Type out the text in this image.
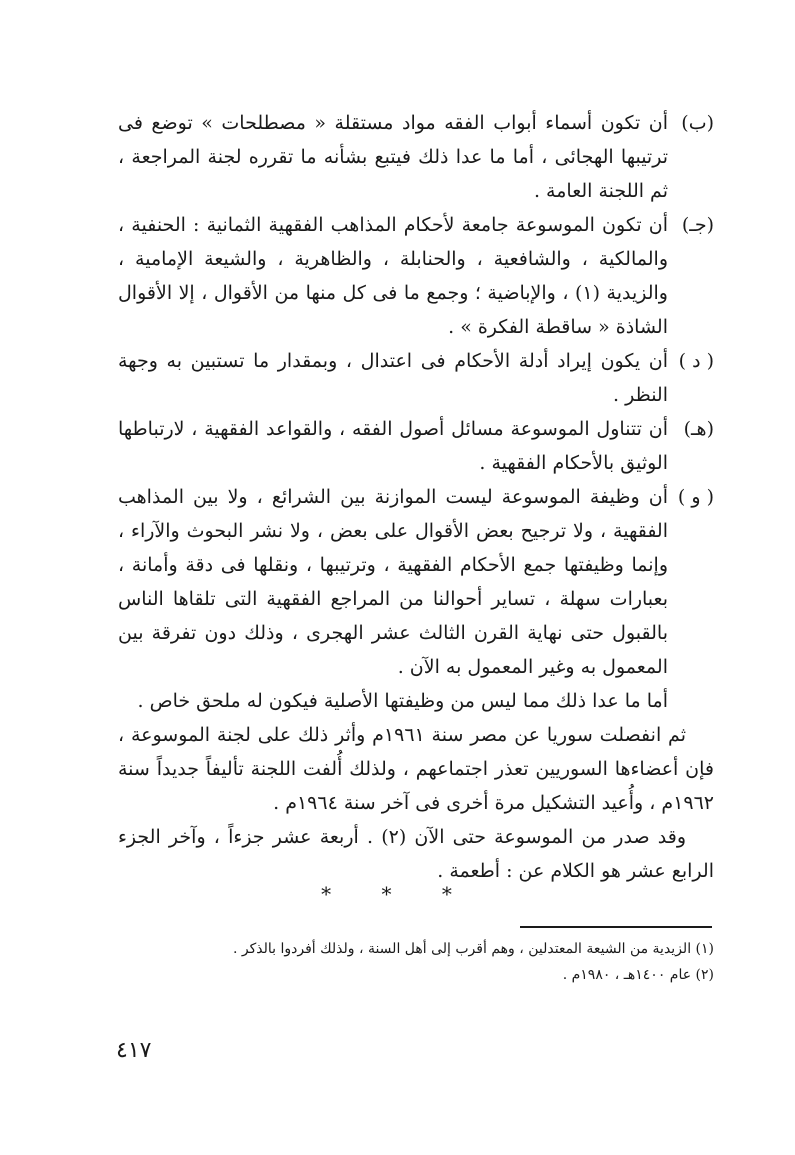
(ب)
أن تكون أسماء أبواب الفقه مواد مستقلة « مصطلحات » توضع فى ترتيبها الهجائى ، أما ما عدا ذلك فيتبع بشأنه ما تقرره لجنة المراجعة ، ثم اللجنة العامة .
(جـ)
أن تكون الموسوعة جامعة لأحكام المذاهب الفقهية الثمانية : الحنفية ، والمالكية ، والشافعية ، والحنابلة ، والظاهرية ، والشيعة الإمامية ، والزيدية (١) ، والإباضية ؛ وجمع ما فى كل منها من الأقوال ، إلا الأقوال الشاذة « ساقطة الفكرة » .
( د )
أن يكون إيراد أدلة الأحكام فى اعتدال ، وبمقدار ما تستبين به وجهة النظر .
(هـ)
أن تتناول الموسوعة مسائل أصول الفقه ، والقواعد الفقهية ، لارتباطها الوثيق بالأحكام الفقهية .
( و )
أن وظيفة الموسوعة ليست الموازنة بين الشرائع ، ولا بين المذاهب الفقهية ، ولا ترجيح بعض الأقوال على بعض ، ولا نشر البحوث والآراء ، وإنما وظيفتها جمع الأحكام الفقهية ، وترتيبها ، ونقلها فى دقة وأمانة ، بعبارات سهلة ، تساير أحوالنا من المراجع الفقهية التى تلقاها الناس بالقبول حتى نهاية القرن الثالث عشر الهجرى ، وذلك دون تفرقة بين المعمول به وغير المعمول به الآن .

أما ما عدا ذلك مما ليس من وظيفتها الأصلية فيكون له ملحق خاص .

ثم انفصلت سوريا عن مصر سنة ١٩٦١م وأثر ذلك على لجنة الموسوعة ، فإن أعضاءها السوريين تعذر اجتماعهم ، ولذلك أُلفت اللجنة تأليفاً جديداً سنة ١٩٦٢م ، وأُعيد التشكيل مرة أخرى فى آخر سنة ١٩٦٤م .

وقد صدر من الموسوعة حتى الآن (٢) . أربعة عشر جزءاً ، وآخر الجزء الرابع عشر هو الكلام عن : أطعمة .

* * *

(١) الزيدية من الشيعة المعتدلين ، وهم أقرب إلى أهل السنة ، ولذلك أفردوا بالذكر .

(٢) عام ١٤٠٠هـ ، ١٩٨٠م .

٤١٧
